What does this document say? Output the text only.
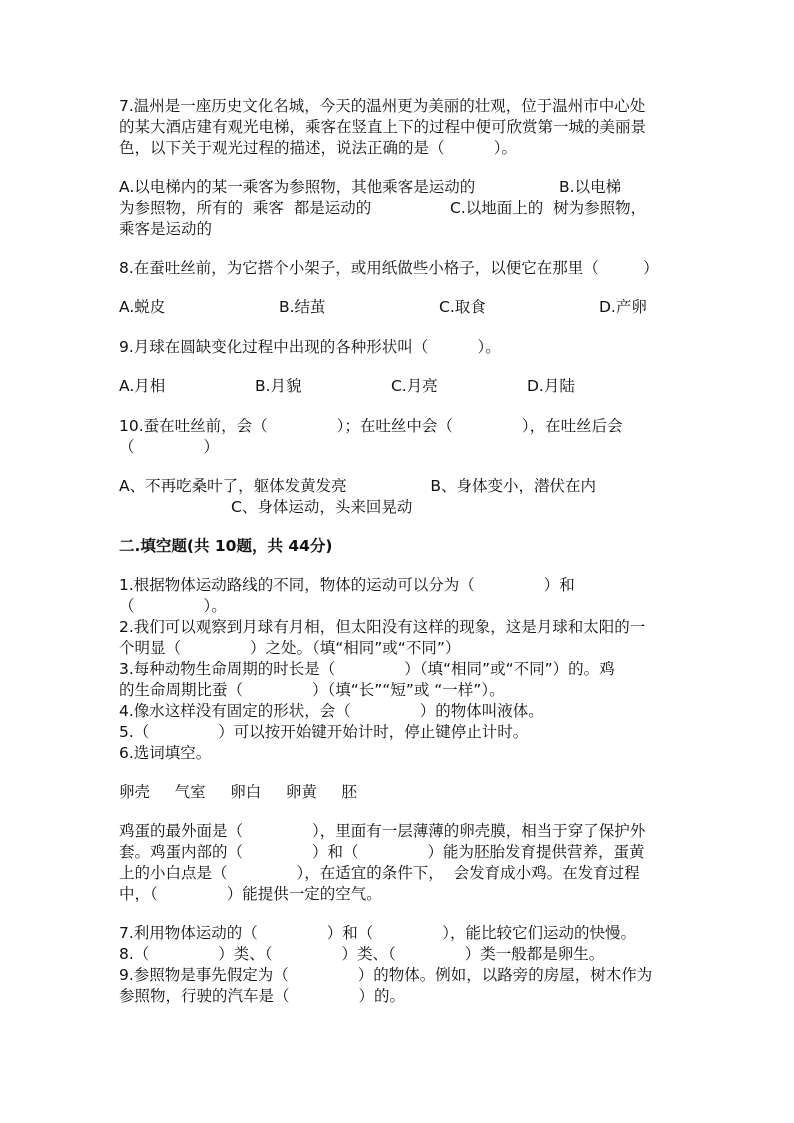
7.温州是一座历史文化名城，今天的温州更为美丽的壮观，位于温州市中心处
的某大酒店建有观光电梯，乘客在竖直上下的过程中便可欣赏第一城的美丽景
色，以下关于观光过程的描述，说法正确的是（          ）。
A.以电梯内的某一乘客为参照物，其他乘客是运动的                 B.以电梯
为参照物，所有的  乘客  都是运动的                C.以地面上的  树为参照物，
乘客是运动的
8.在蚕吐丝前，为它搭个小架子，或用纸做些小格子，以便它在那里（         ）
A.蜕皮	B.结茧	C.取食	D.产卵
9.月球在圆缺变化过程中出现的各种形状叫（          ）。
A.月相	B.月貌	C.月亮	D.月陆
10.蚕在吐丝前，会（              ）；在吐丝中会（              ），在吐丝后会
（              ）
A、不再吃桑叶了，躯体发黄发亮                 B、身体变小，潜伏在内
C、身体运动，头来回晃动
二.填空题(共 10题，共 44分)
1.根据物体运动路线的不同，物体的运动可以分为（              ）和
（              ）。
2.我们可以观察到月球有月相，但太阳没有这样的现象，这是月球和太阳的一
个明显（              ）之处。（填“相同”或“不同”）
3.每种动物生命周期的时长是（              ）（填“相同”或“不同”）的。鸡
的生命周期比蚕（              ）（填“长”“短”或 “一样”）。
4.像水这样没有固定的形状，会（              ）的物体叫液体。
5.（              ）可以按开始键开始计时，停止键停止计时。
6.选词填空。
卵壳     气室     卵白     卵黄     胚
鸡蛋的最外面是（              ），里面有一层薄薄的卵壳膜，相当于穿了保护外
套。鸡蛋内部的（              ）和（              ）能为胚胎发育提供营养，蛋黄
上的小白点是（              ），在适宜的条件下，  会发育成小鸡。在发育过程
中，（              ）能提供一定的空气。
7.利用物体运动的（              ）和（              ），能比较它们运动的快慢。
8.（              ）类、（              ）类、（              ）类一般都是卵生。
9.参照物是事先假定为（              ）的物体。例如，以路旁的房屋，树木作为
参照物，行驶的汽车是（              ）的。
